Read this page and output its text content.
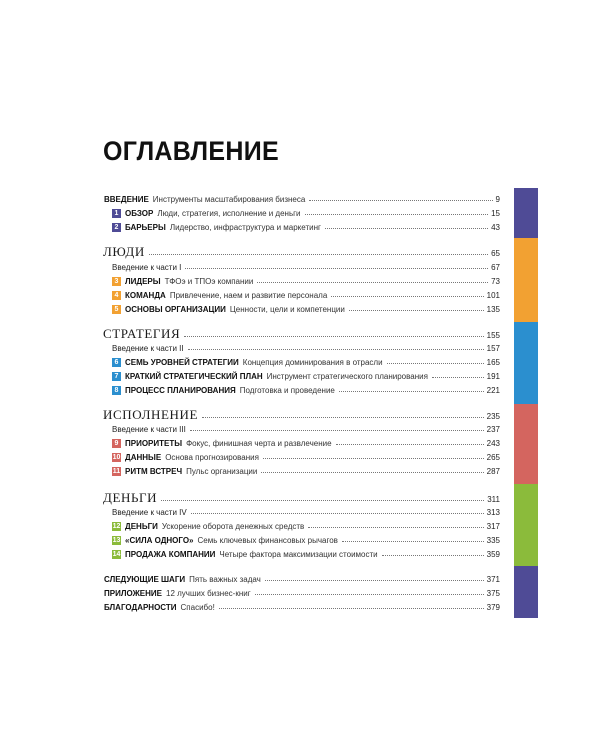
ОГЛАВЛЕНИЕ
ВВЕДЕНИЕ Инструменты масштабирования бизнеса	9
1 ОБЗОР Люди, стратегия, исполнение и деньги	15
2 БАРЬЕРЫ Лидерство, инфраструктура и маркетинг	43
ЛЮДИ	65
Введение к части I	67
3 ЛИДЕРЫ ТФОэ и ТПОэ компании	73
4 КОМАНДА Привлечение, наем и развитие персонала	101
5 ОСНОВЫ ОРГАНИЗАЦИИ Ценности, цели и компетенции	135
СТРАТЕГИЯ	155
Введение к части II	157
6 СЕМЬ УРОВНЕЙ СТРАТЕГИИ Концепция доминирования в отрасли	165
7 КРАТКИЙ СТРАТЕГИЧЕСКИЙ ПЛАН Инструмент стратегического планирования	191
8 ПРОЦЕСС ПЛАНИРОВАНИЯ Подготовка и проведение	221
ИСПОЛНЕНИЕ	235
Введение к части III	237
9 ПРИОРИТЕТЫ Фокус, финишная черта и развлечение	243
10 ДАННЫЕ Основа прогнозирования	265
11 РИТМ ВСТРЕЧ Пульс организации	287
ДЕНЬГИ	311
Введение к части IV	313
12 ДЕНЬГИ Ускорение оборота денежных средств	317
13 «СИЛА ОДНОГО» Семь ключевых финансовых рычагов	335
14 ПРОДАЖА КОМПАНИИ Четыре фактора максимизации стоимости	359
СЛЕДУЮЩИЕ ШАГИ Пять важных задач	371
ПРИЛОЖЕНИЕ 12 лучших бизнес-книг	375
БЛАГОДАРНОСТИ Спасибо!	379
